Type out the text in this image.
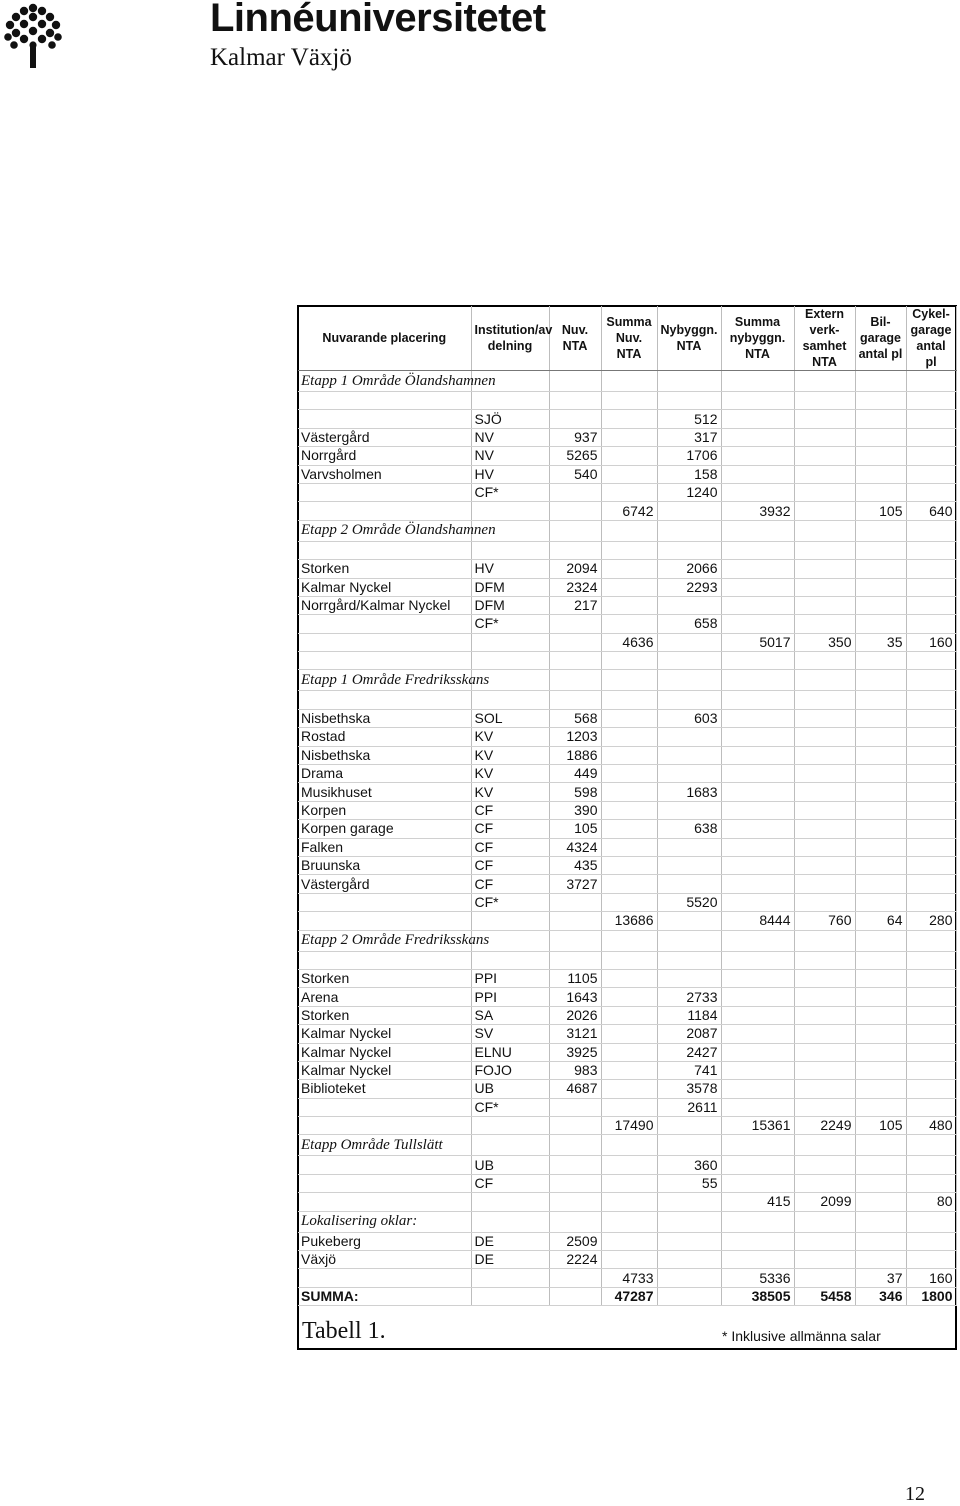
Linnéuniversitetet
Kalmar Växjö
Nuvarande placering	Institution/av delning	Nuv. NTA	Summa Nuv. NTA	Nybyggn. NTA	Summa nybyggn. NTA	Extern verk-samhet NTA	Bil-garage antal pl	Cykel-garage antal pl
Etapp 1 Område Ölandshamnen								

	SJÖ			512				
Västergård	NV	937		317				
Norrgård	NV	5265		1706				
Varvsholmen	HV	540		158				
	CF*			1240				
			6742		3932		105	640
Etapp 2 Område Ölandshamnen								

Storken	HV	2094		2066				
Kalmar Nyckel	DFM	2324		2293				
Norrgård/Kalmar Nyckel	DFM	217						
	CF*			658				
			4636		5017	350	35	160

Etapp 1 Område Fredriksskans								

Nisbethska	SOL	568		603				
Rostad	KV	1203						
Nisbethska	KV	1886						
Drama	KV	449						
Musikhuset	KV	598		1683				
Korpen	CF	390						
Korpen garage	CF	105		638				
Falken	CF	4324						
Bruunska	CF	435						
Västergård	CF	3727						
	CF*			5520				
			13686		8444	760	64	280
Etapp 2 Område Fredriksskans								

Storken	PPI	1105						
Arena	PPI	1643		2733				
Storken	SA	2026		1184				
Kalmar Nyckel	SV	3121		2087				
Kalmar Nyckel	ELNU	3925		2427				
Kalmar Nyckel	FOJO	983		741				
Biblioteket	UB	4687		3578				
	CF*			2611				
			17490		15361	2249	105	480
Etapp Område Tullslätt								
	UB			360				
	CF			55				
					415	2099		80
Lokalisering oklar:								
Pukeberg	DE	2509						
Växjö	DE	2224						
			4733		5336		37	160
SUMMA:			47287		38505	5458	346	1800
Tabell 1.	* Inklusive allmänna salar
12
